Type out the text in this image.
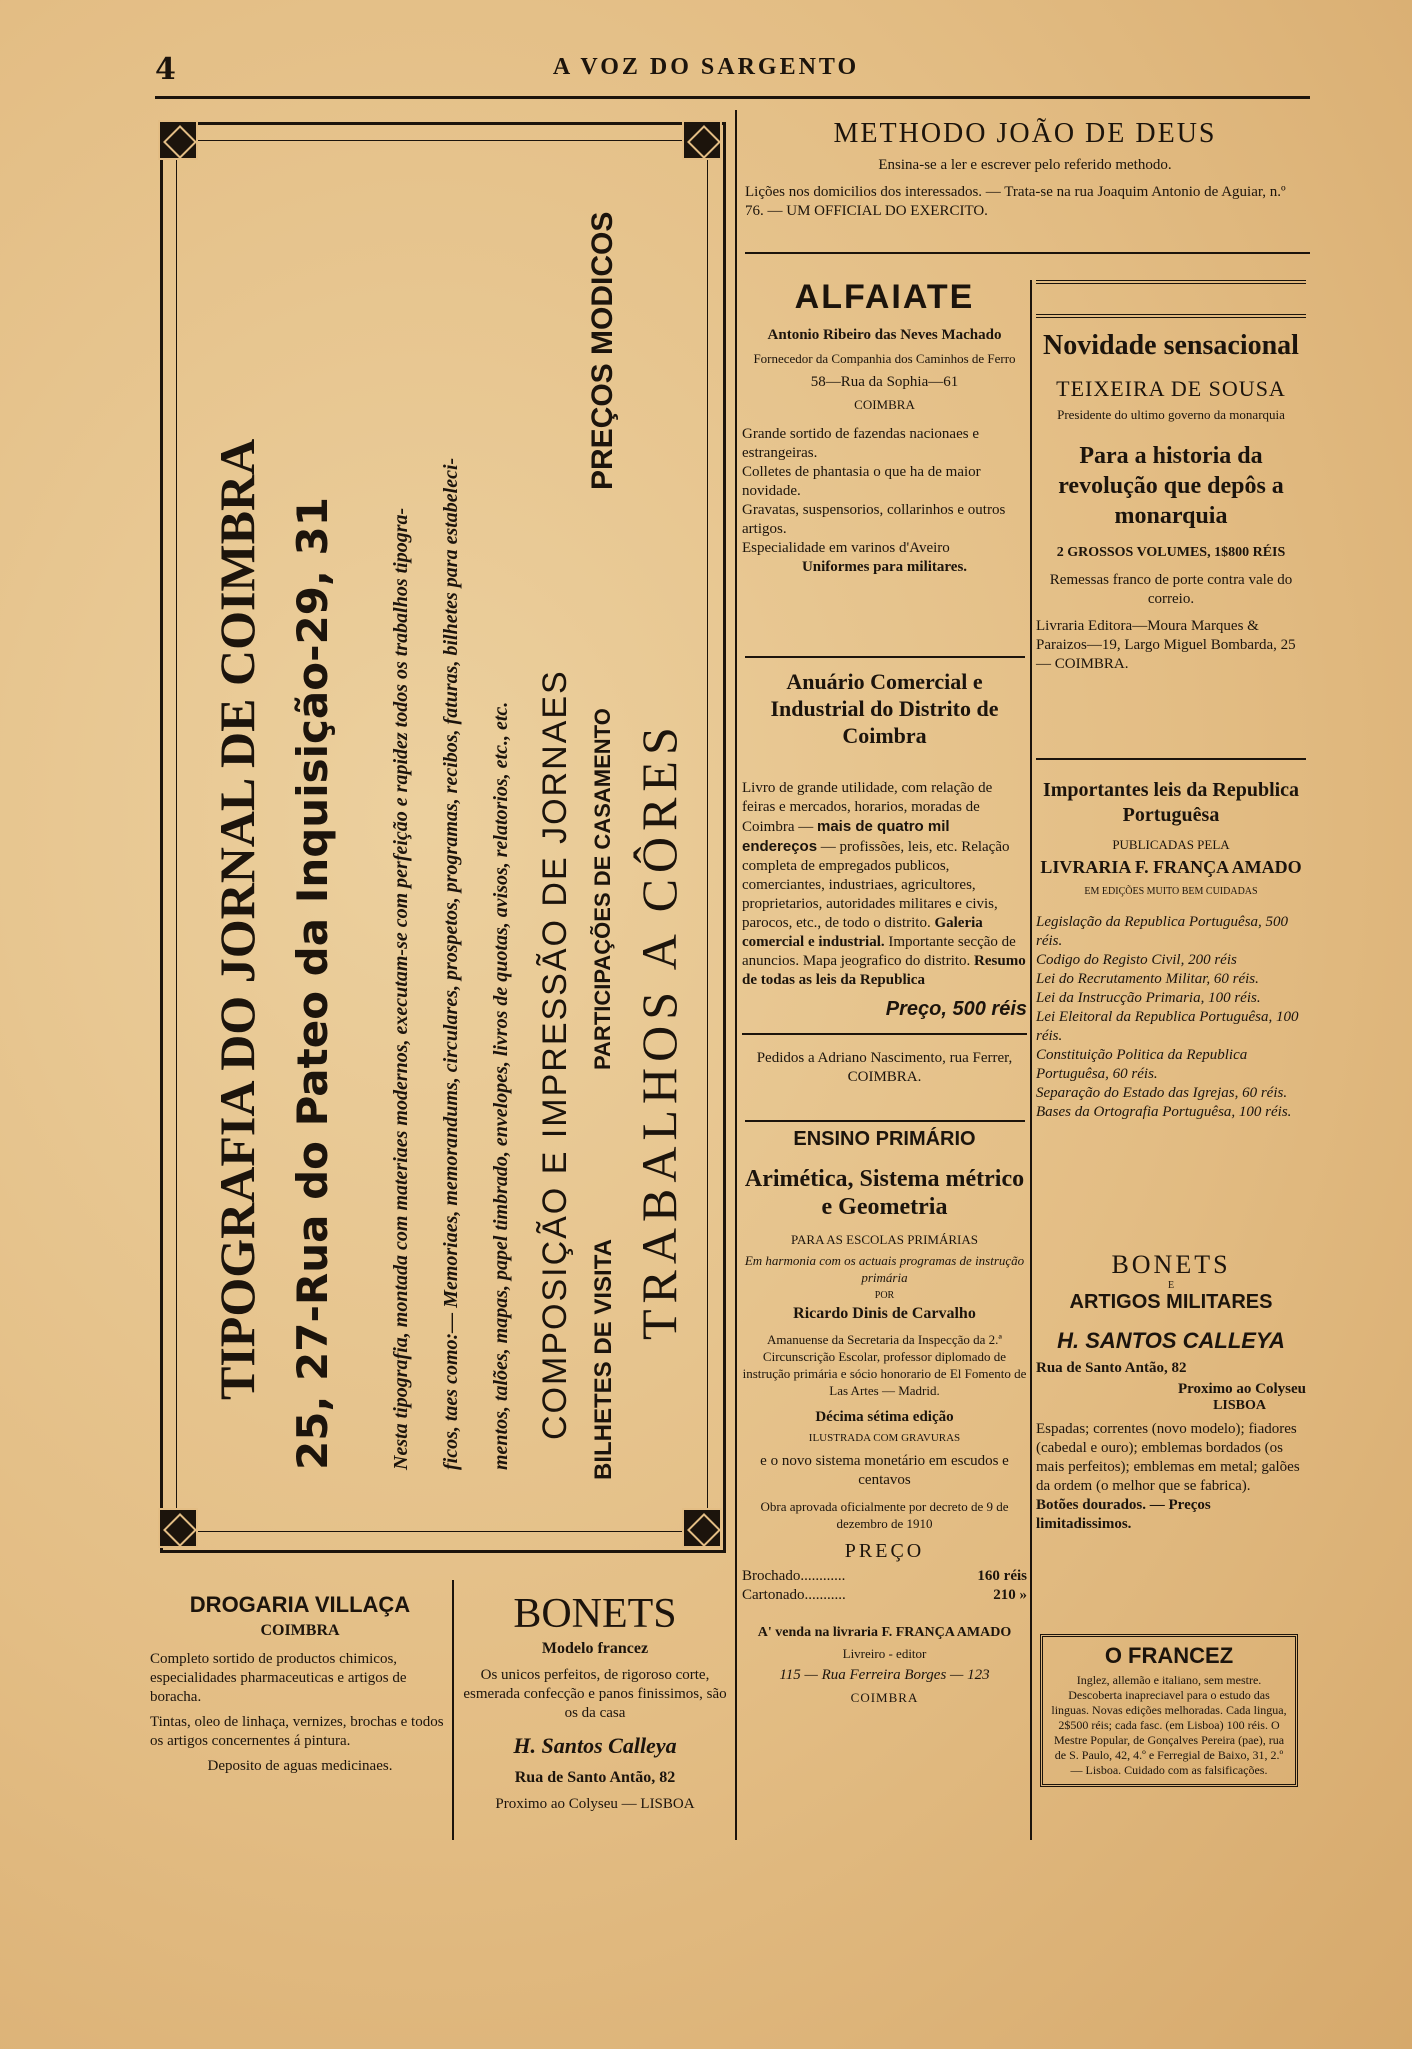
4	A VOZ DO SARGENTO
TIPOGRAFIA DO JORNAL DE COIMBRA 25, 27-Rua do Pateo da Inquisição-29, 31	Nesta tipografia, montada com materiaes modernos, executam-se com perfeição e rapidez todos os trabalhos tipogra- ficos, taes como:— Memoriaes, memorandums, circulares, prospetos, programas, recibos, faturas, bilhetes para estabeleci- mentos, talões, mapas, papel timbrado, envelopes, livros de quotas, avisos, relatorios, etc., etc. COMPOSIÇÃO E IMPRESSÃO DE JORNAES BILHETES DE VISITA
PARTICIPAÇÕES DE CASAMENTO
PREÇOS MODICOS
TRABALHOS A CÔRES
DROGARIA VILLAÇA
COIMBRA
Completo sortido de productos chimicos, especialidades pharmaceuticas e artigos de boracha.
Tintas, oleo de linhaça, vernizes, brochas e todos os artigos concernentes á pintura.
Deposito de aguas medicinaes.
BONETS
Modelo francez
Os unicos perfeitos, de rigoroso corte, esmerada confecção e panos finissimos, são os da casa
H. Santos Calleya
Rua de Santo Antão, 82
Proximo ao Colyseu — LISBOA
METHODO JOÃO DE DEUS
Ensina-se a ler e escrever pelo referido methodo.
Lições nos domicilios dos interessados. — Trata-se na rua Joaquim Antonio de Aguiar, n.º 76. — UM OFFICIAL DO EXERCITO.
ALFAIATE
Antonio Ribeiro das Neves Machado
Fornecedor da Companhia dos Caminhos de Ferro
58—Rua da Sophia—61
COIMBRA
Grande sortido de fazendas nacionaes e estrangeiras.
Colletes de phantasia o que ha de maior novidade.
Gravatas, suspensorios, collarinhos e outros artigos.
Especialidade em varinos d'Aveiro
Uniformes para militares.
Anuário Comercial e Industrial do Distrito de Coimbra
Livro de grande utilidade, com relação de feiras e mercados, horarios, moradas de Coimbra — mais de quatro mil endereços — profissões, leis, etc. Relação completa de empregados publicos, comerciantes, industriaes, agricultores, proprietarios, autoridades militares e civis, parocos, etc., de todo o distrito. Galeria comercial e industrial. Importante secção de anuncios. Mapa jeografico do distrito. Resumo de todas as leis da Republica
Preço, 500 réis
Pedidos a Adriano Nascimento, rua Ferrer, COIMBRA.
ENSINO PRIMÁRIO
Arimética, Sistema métrico e Geometria
PARA AS ESCOLAS PRIMÁRIAS
Em harmonia com os actuais programas de instrução primária
POR
Ricardo Dinis de Carvalho
Amanuense da Secretaria da Inspecção da 2.ª Circunscrição Escolar, professor diplomado de instrução primária e sócio honorario de El Fomento de Las Artes — Madrid.
Décima sétima edição
ILUSTRADA COM GRAVURAS
e o novo sistema monetário em escudos e centavos
Obra aprovada oficialmente por decreto de 9 de dezembro de 1910
PREÇO
Brochado............	160 réis
Cartonado...........	210 »
A' venda na livraria F. FRANÇA AMADO
Livreiro - editor
115 — Rua Ferreira Borges — 123
COIMBRA
Novidade sensacional
TEIXEIRA DE SOUSA
Presidente do ultimo governo da monarquia
Para a historia da revolução que depôs a monarquia
2 GROSSOS VOLUMES, 1$800 RÉIS
Remessas franco de porte contra vale do correio.
Livraria Editora—Moura Marques & Paraizos—19, Largo Miguel Bombarda, 25 — COIMBRA.
Importantes leis da Republica Portuguêsa
PUBLICADAS PELA
LIVRARIA F. FRANÇA AMADO
EM EDIÇÕES MUITO BEM CUIDADAS
Legislação da Republica Portuguêsa, 500 réis.
Codigo do Registo Civil, 200 réis
Lei do Recrutamento Militar, 60 réis.
Lei da Instrucção Primaria, 100 réis.
Lei Eleitoral da Republica Portuguêsa, 100 réis.
Constituição Politica da Republica Portuguêsa, 60 réis.
Separação do Estado das Igrejas, 60 réis.
Bases da Ortografia Portuguêsa, 100 réis.
BONETS
E
ARTIGOS MILITARES
H. SANTOS CALLEYA
Rua de Santo Antão, 82
Proximo ao Colyseu
LISBOA
Espadas; correntes (novo modelo); fiadores (cabedal e ouro); emblemas bordados (os mais perfeitos); emblemas em metal; galões da ordem (o melhor que se fabrica).
Botões dourados. — Preços limitadissimos.
O FRANCEZ
Inglez, allemão e italiano, sem mestre. Descoberta inapreciavel para o estudo das linguas. Novas edições melhoradas. Cada lingua, 2$500 réis; cada fasc. (em Lisboa) 100 réis. O Mestre Popular, de Gonçalves Pereira (pae), rua de S. Paulo, 42, 4.º e Ferregial de Baixo, 31, 2.º — Lisboa. Cuidado com as falsificações.
